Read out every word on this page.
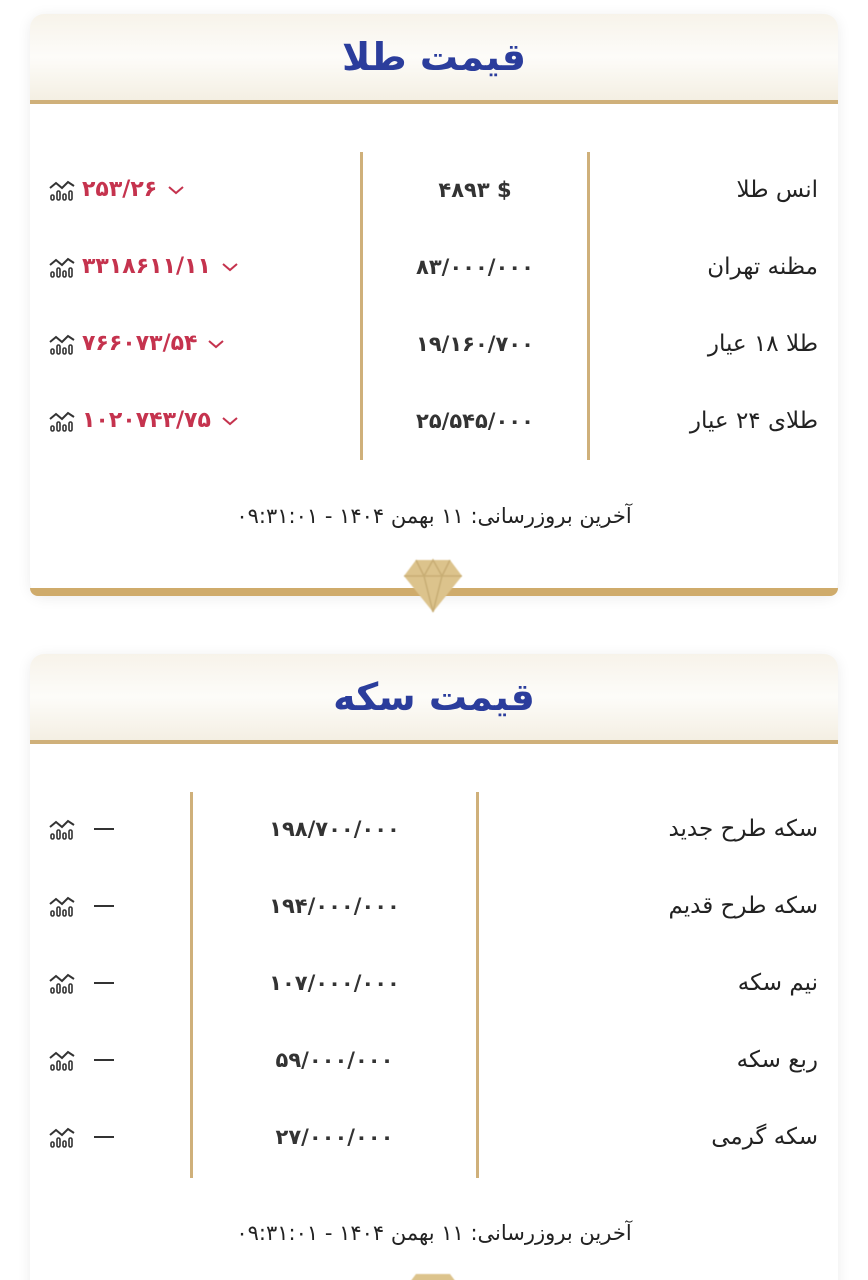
قیمت طلا
انس طلا
۴۸۹۳ $
۲۵۳/۲۶
مظنه تهران
۸۳/۰۰۰/۰۰۰
۳۳۱۸۶۱۱/۱۱
طلا ۱۸ عیار
۱۹/۱۶۰/۷۰۰
۷۶۶۰۷۳/۵۴
طلای ۲۴ عیار
۲۵/۵۴۵/۰۰۰
۱۰۲۰۷۴۳/۷۵
آخرین بروزرسانی: ۱۱ بهمن ۱۴۰۴ - ۰۹:۳۱:۰۱
قیمت سکه
سکه طرح جدید
۱۹۸/۷۰۰/۰۰۰
سکه طرح قدیم
۱۹۴/۰۰۰/۰۰۰
نیم سکه
۱۰۷/۰۰۰/۰۰۰
ربع سکه
۵۹/۰۰۰/۰۰۰
سکه گرمی
۲۷/۰۰۰/۰۰۰
آخرین بروزرسانی: ۱۱ بهمن ۱۴۰۴ - ۰۹:۳۱:۰۱
